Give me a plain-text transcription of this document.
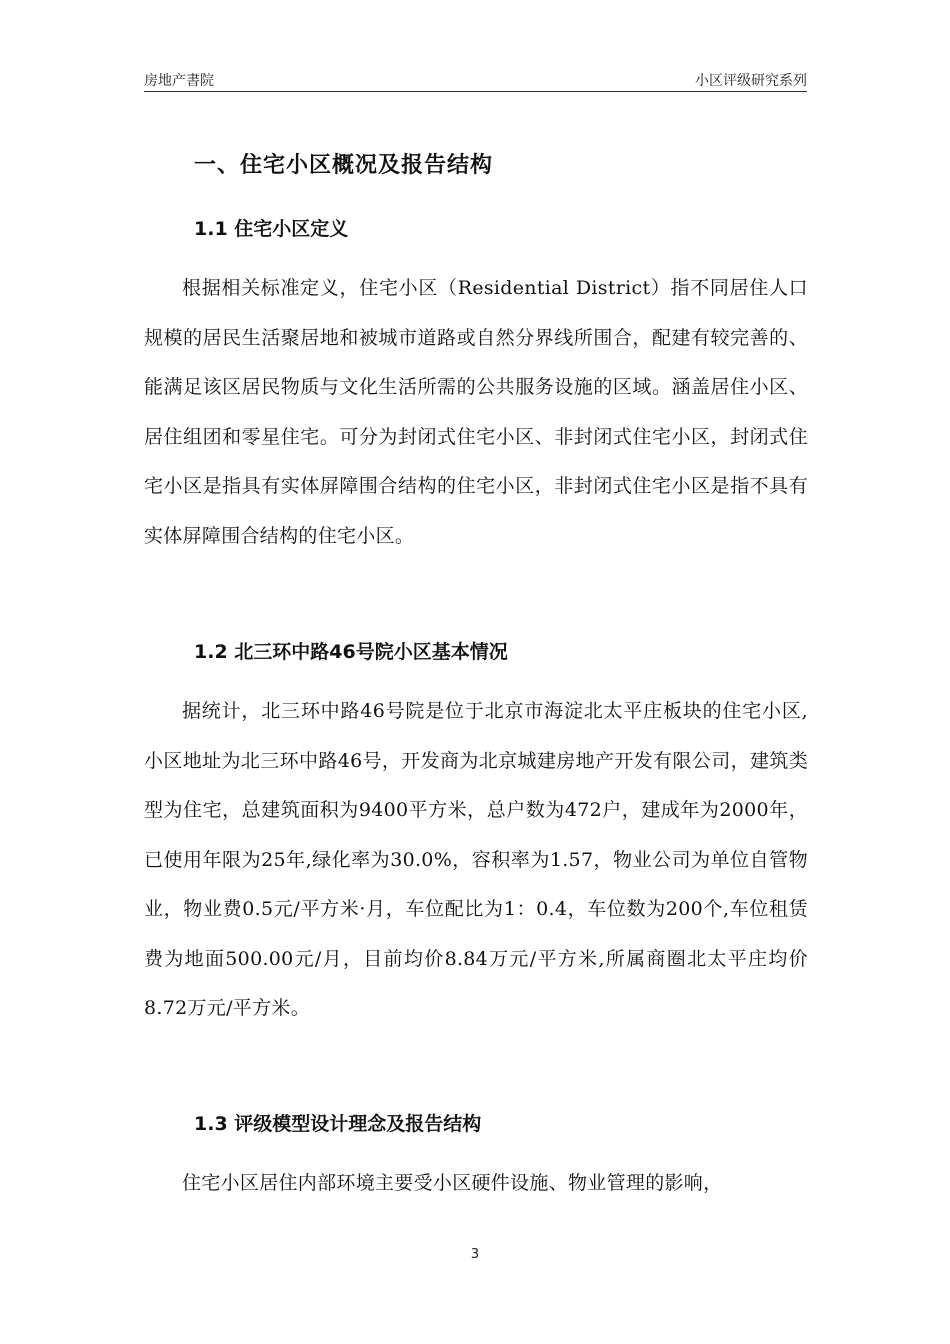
房地产書院	小区评级研究系列
一、住宅小区概况及报告结构
1.1 住宅小区定义

根据相关标准定义，住宅小区（Residential District）指不同居住人口规模的居民生活聚居地和被城市道路或自然分界线所围合，配建有较完善的、能满足该区居民物质与文化生活所需的公共服务设施的区域。涵盖居住小区、居住组团和零星住宅。可分为封闭式住宅小区、非封闭式住宅小区，封闭式住宅小区是指具有实体屏障围合结构的住宅小区，非封闭式住宅小区是指不具有实体屏障围合结构的住宅小区。

1.2 北三环中路46号院小区基本情况

据统计，北三环中路46号院是位于北京市海淀北太平庄板块的住宅小区,小区地址为北三环中路46号，开发商为北京城建房地产开发有限公司，建筑类型为住宅，总建筑面积为9400平方米，总户数为472户，建成年为2000年，已使用年限为25年,绿化率为30.0%，容积率为1.57，物业公司为单位自管物业，物业费0.5元/平方米·月，车位配比为1：0.4，车位数为200个,车位租赁费为地面500.00元/月，目前均价8.84万元/平方米,所属商圈北太平庄均价8.72万元/平方米。

1.3 评级模型设计理念及报告结构

住宅小区居住内部环境主要受小区硬件设施、物业管理的影响，

3
